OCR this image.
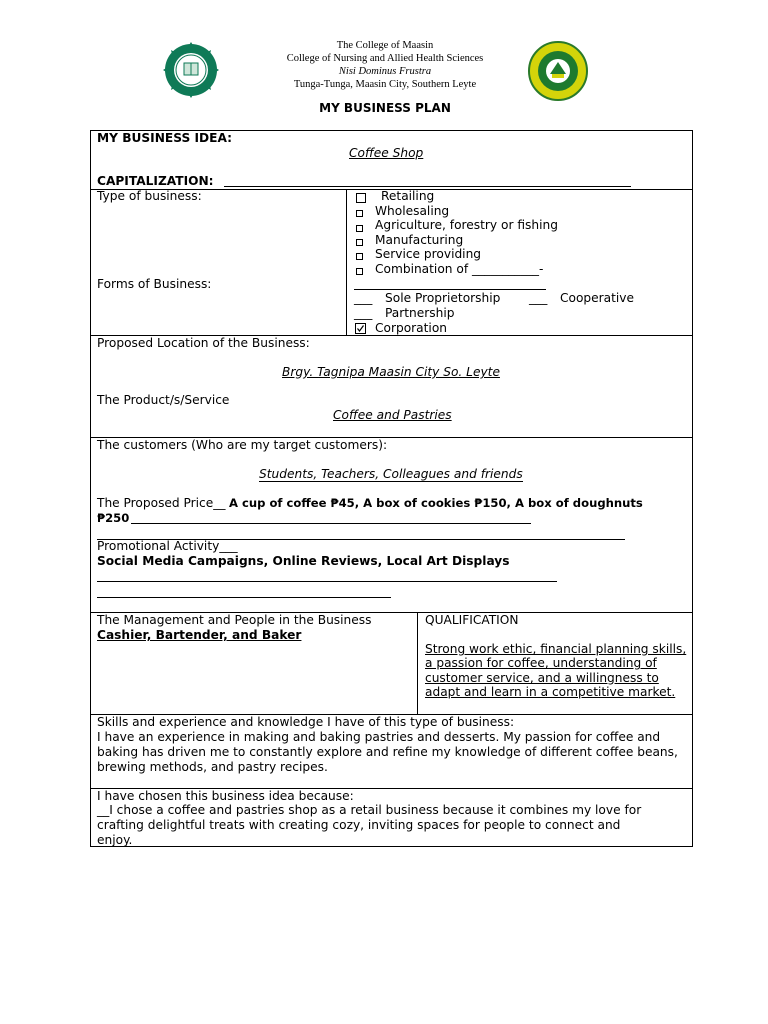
The College of Maasin
College of Nursing and Allied Health Sciences
Nisi Dominus Frustra
Tunga-Tunga, Maasin City, Southern Leyte
MY BUSINESS PLAN
MY BUSINESS IDEA:
Coffee Shop
CAPITALIZATION:
Type of business:
Forms of Business:
Retailing
Wholesaling
Agriculture, forestry or fishing
Manufacturing
Service providing
Combination of ___________-
___ Sole Proprietorship ___ Cooperative
___ Partnership
Corporation
Proposed Location of the Business:
Brgy. Tagnipa Maasin City So. Leyte
The Product/s/Service
Coffee and Pastries
The customers (Who are my target customers):
Students, Teachers, Colleagues and friends
The Proposed Price__ A cup of coffee ₱45, A box of cookies ₱150, A box of doughnuts
₱250
Promotional Activity___
Social Media Campaigns, Online Reviews, Local Art Displays
The Management and People in the Business
Cashier, Bartender, and Baker
QUALIFICATION
Strong work ethic, financial planning skills,
a passion for coffee, understanding of
customer service, and a willingness to
adapt and learn in a competitive market.
Skills and experience and knowledge I have of this type of business:
I have an experience in making and baking pastries and desserts. My passion for coffee and
baking has driven me to constantly explore and refine my knowledge of different coffee beans,
brewing methods, and pastry recipes.
I have chosen this business idea because:
__I chose a coffee and pastries shop as a retail business because it combines my love for
crafting delightful treats with creating cozy, inviting spaces for people to connect and
enjoy.___________________________________________________________________
